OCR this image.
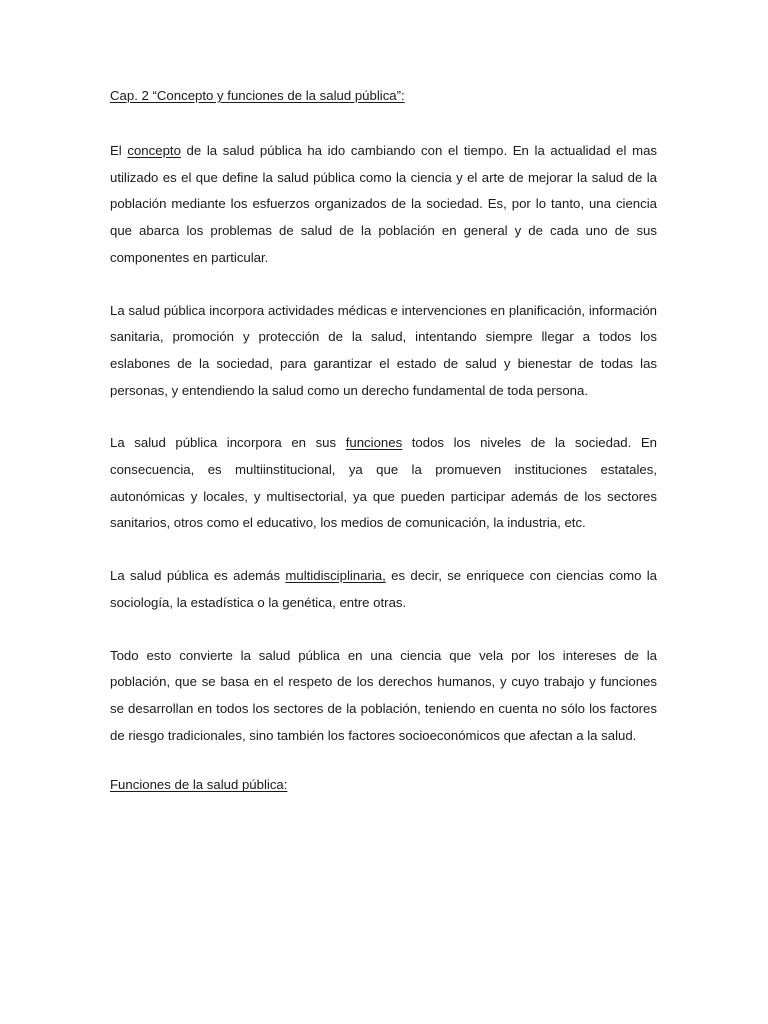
Cap. 2 “Concepto y funciones de la salud pública”:

El concepto de la salud pública ha ido cambiando con el tiempo. En la actualidad el mas utilizado es el que define la salud pública como la ciencia y el arte de mejorar la salud de la población mediante los esfuerzos organizados de la sociedad. Es, por lo tanto, una ciencia que abarca los problemas de salud de la población en general y de cada uno de sus componentes en particular.

La salud pública incorpora actividades médicas e intervenciones en planificación, información sanitaria, promoción y protección de la salud, intentando siempre llegar a todos los eslabones de la sociedad, para garantizar el estado de salud y bienestar de todas las personas, y entendiendo la salud como un derecho fundamental de toda persona.

La salud pública incorpora en sus funciones todos los niveles de la sociedad. En consecuencia, es multiinstitucional, ya que la promueven instituciones estatales, autonómicas y locales, y multisectorial, ya que pueden participar además de los sectores sanitarios, otros como el educativo, los medios de comunicación, la industria, etc.

La salud pública es además multidisciplinaria, es decir, se enriquece con ciencias como la sociología, la estadística o la genética, entre otras.

Todo esto convierte la salud pública en una ciencia que vela por los intereses de la población, que se basa en el respeto de los derechos humanos, y cuyo trabajo y funciones se desarrollan en todos los sectores de la población, teniendo en cuenta no sólo los factores de riesgo tradicionales, sino también los factores socioeconómicos que afectan a la salud.

Funciones de la salud pública:
